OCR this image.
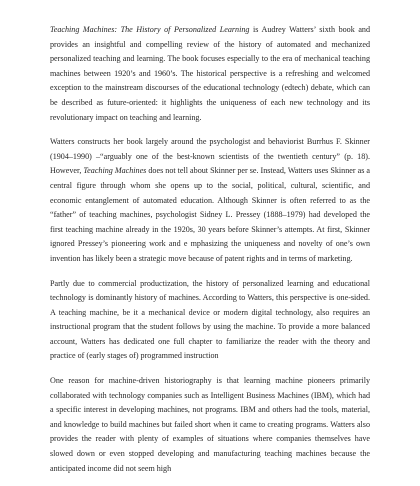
Teaching Machines: The History of Personalized Learning is Audrey Watters’ sixth book and provides an insightful and compelling review of the history of automated and mechanized personalized teaching and learning. The book focuses especially to the era of mechanical teaching machines between 1920’s and 1960’s. The historical perspective is a refreshing and welcomed exception to the mainstream discourses of the educational technology (edtech) debate, which can be described as future-oriented: it highlights the uniqueness of each new technology and its revolutionary impact on teaching and learning.

Watters constructs her book largely around the psychologist and behaviorist Burrhus F. Skinner (1904–1990) –“arguably one of the best-known scientists of the twentieth century” (p. 18). However, Teaching Machines does not tell about Skinner per se. Instead, Watters uses Skinner as a central figure through whom she opens up to the social, political, cultural, scientific, and economic entanglement of automated education. Although Skinner is often referred to as the “father” of teaching machines, psychologist Sidney L. Pressey (1888–1979) had developed the first teaching machine already in the 1920s, 30 years before Skinner’s attempts. At first, Skinner ignored Pressey’s pioneering work and e mphasizing the uniqueness and novelty of one’s own invention has likely been a strategic move because of patent rights and in terms of marketing.

Partly due to commercial productization, the history of personalized learning and educational technology is dominantly history of machines. According to Watters, this perspective is one-sided. A teaching machine, be it a mechanical device or modern digital technology, also requires an instructional program that the student follows by using the machine. To provide a more balanced account, Watters has dedicated one full chapter to familiarize the reader with the theory and practice of (early stages of) programmed instruction

One reason for machine-driven historiography is that learning machine pioneers primarily collaborated with technology companies such as Intelligent Business Machines (IBM), which had a specific interest in developing machines, not programs. IBM and others had the tools, material, and knowledge to build machines but failed short when it came to creating programs. Watters also provides the reader with plenty of examples of situations where companies themselves have slowed down or even stopped developing and manufacturing teaching machines because the anticipated income did not seem high
